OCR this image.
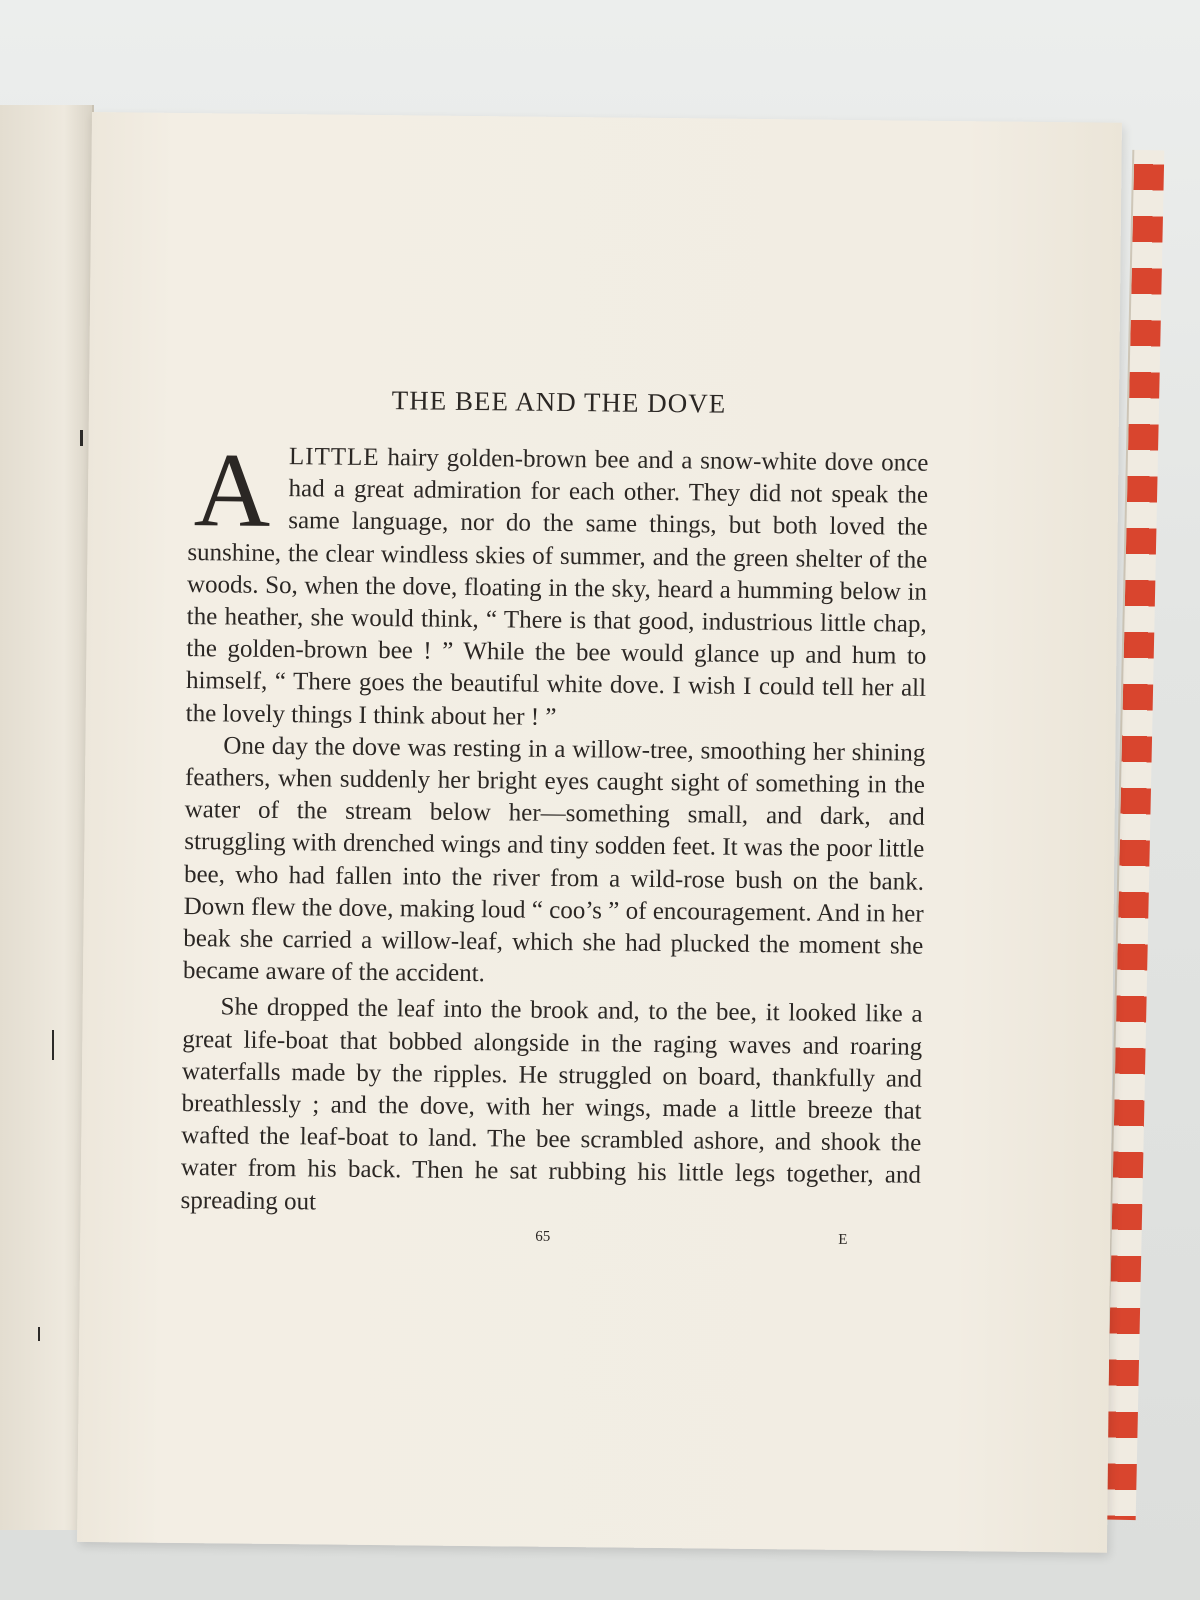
THE BEE AND THE DOVE

ALITTLE hairy golden-brown bee and a snow-white dove once had a great admiration for each other. They did not speak the same language, nor do the same things, but both loved the sunshine, the clear windless skies of summer, and the green shelter of the woods. So, when the dove, floating in the sky, heard a humming below in the heather, she would think, “ There is that good, industrious little chap, the golden-brown bee ! ” While the bee would glance up and hum to himself, “ There goes the beautiful white dove. I wish I could tell her all the lovely things I think about her ! ”

One day the dove was resting in a willow-tree, smoothing her shining feathers, when suddenly her bright eyes caught sight of something in the water of the stream below her—something small, and dark, and struggling with drenched wings and tiny sodden feet. It was the poor little bee, who had fallen into the river from a wild-rose bush on the bank. Down flew the dove, making loud “ coo’s ” of encouragement. And in her beak she carried a willow-leaf, which she had plucked the moment she became aware of the accident.

She dropped the leaf into the brook and, to the bee, it looked like a great life-boat that bobbed alongside in the raging waves and roaring waterfalls made by the ripples. He struggled on board, thankfully and breathlessly ; and the dove, with her wings, made a little breeze that wafted the leaf-boat to land. The bee scrambled ashore, and shook the water from his back. Then he sat rubbing his little legs together, and spreading out

65	E
